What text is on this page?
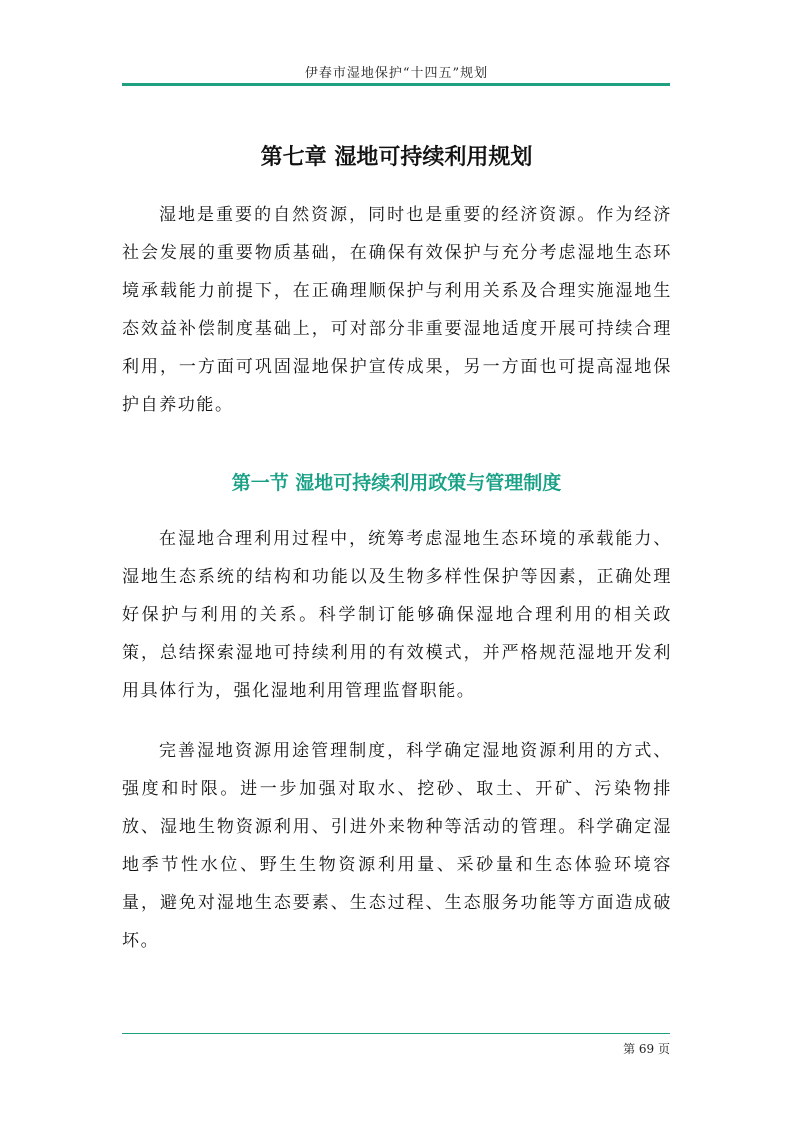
伊春市湿地保护“十四五”规划
第七章 湿地可持续利用规划

湿地是重要的自然资源，同时也是重要的经济资源。作为经济社会发展的重要物质基础，在确保有效保护与充分考虑湿地生态环境承载能力前提下，在正确理顺保护与利用关系及合理实施湿地生态效益补偿制度基础上，可对部分非重要湿地适度开展可持续合理利用，一方面可巩固湿地保护宣传成果，另一方面也可提高湿地保护自养功能。

第一节 湿地可持续利用政策与管理制度

在湿地合理利用过程中，统筹考虑湿地生态环境的承载能力、湿地生态系统的结构和功能以及生物多样性保护等因素，正确处理好保护与利用的关系。科学制订能够确保湿地合理利用的相关政策，总结探索湿地可持续利用的有效模式，并严格规范湿地开发利用具体行为，强化湿地利用管理监督职能。

完善湿地资源用途管理制度，科学确定湿地资源利用的方式、强度和时限。进一步加强对取水、挖砂、取土、开矿、污染物排放、湿地生物资源利用、引进外来物种等活动的管理。科学确定湿地季节性水位、野生生物资源利用量、采砂量和生态体验环境容量，避免对湿地生态要素、生态过程、生态服务功能等方面造成破坏。

第 69 页
